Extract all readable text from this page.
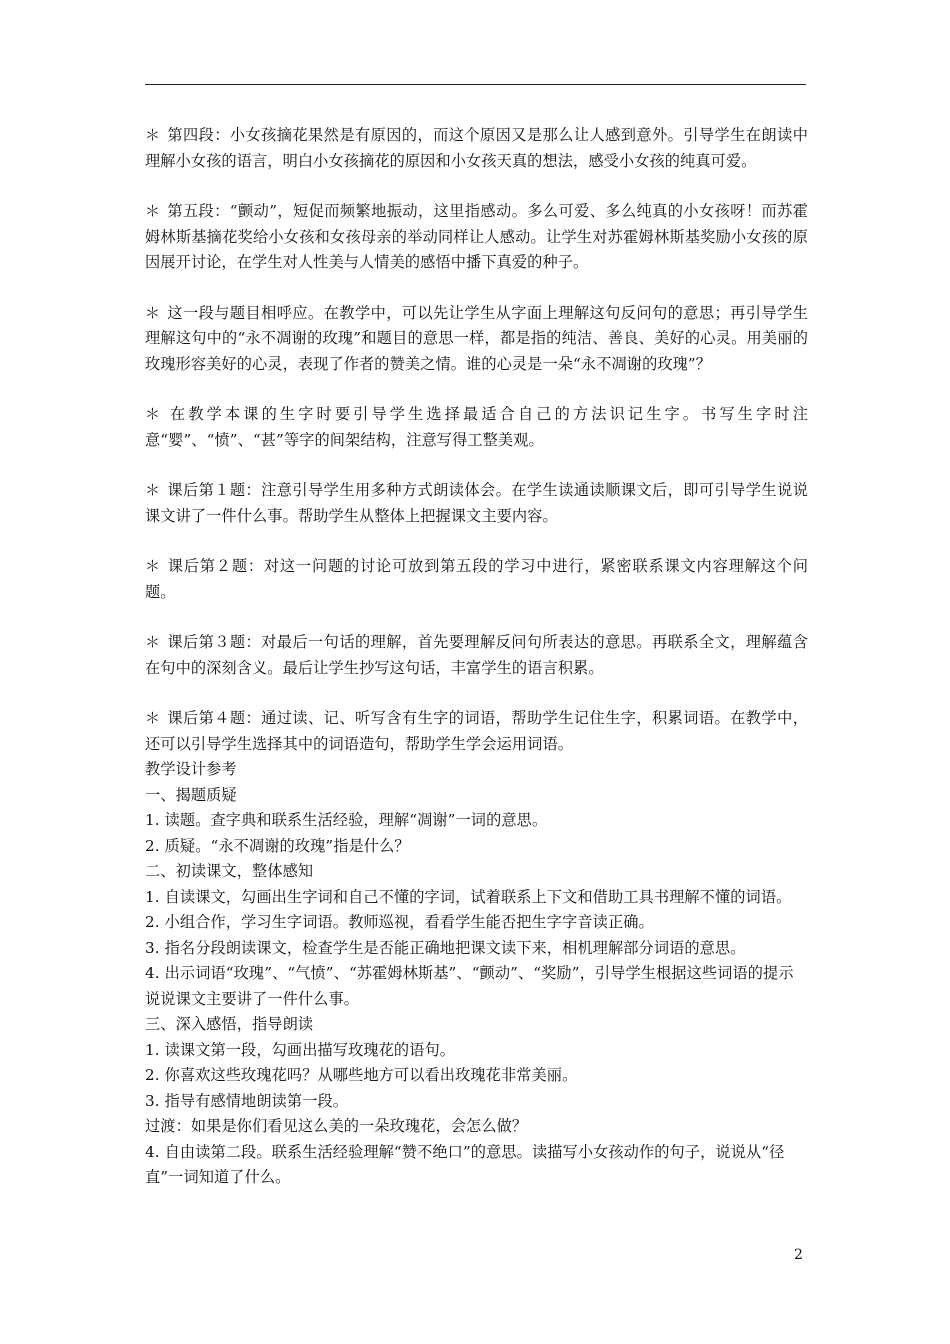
＊ 第四段：小女孩摘花果然是有原因的，而这个原因又是那么让人感到意外。引导学生在朗读中理解小女孩的语言，明白小女孩摘花的原因和小女孩天真的想法，感受小女孩的纯真可爱。

＊ 第五段：“颤动”，短促而频繁地振动，这里指感动。多么可爱、多么纯真的小女孩呀！而苏霍姆林斯基摘花奖给小女孩和女孩母亲的举动同样让人感动。让学生对苏霍姆林斯基奖励小女孩的原因展开讨论，在学生对人性美与人情美的感悟中播下真爱的种子。

＊ 这一段与题目相呼应。在教学中，可以先让学生从字面上理解这句反问句的意思；再引导学生理解这句中的“永不凋谢的玫瑰”和题目的意思一样，都是指的纯洁、善良、美好的心灵。用美丽的玫瑰形容美好的心灵，表现了作者的赞美之情。谁的心灵是一朵“永不凋谢的玫瑰”？

＊ 在教学本课的生字时要引导学生选择最适合自己的方法识记生字。书写生字时注意“婴”、“愤”、“甚”等字的间架结构，注意写得工整美观。

＊ 课后第１题：注意引导学生用多种方式朗读体会。在学生读通读顺课文后，即可引导学生说说课文讲了一件什么事。帮助学生从整体上把握课文主要内容。

＊ 课后第２题：对这一问题的讨论可放到第五段的学习中进行，紧密联系课文内容理解这个问题。

＊ 课后第３题：对最后一句话的理解，首先要理解反问句所表达的意思。再联系全文，理解蕴含在句中的深刻含义。最后让学生抄写这句话，丰富学生的语言积累。

＊ 课后第４题：通过读、记、听写含有生字的词语，帮助学生记住生字，积累词语。在教学中，还可以引导学生选择其中的词语造句，帮助学生学会运用词语。

教学设计参考

一、揭题质疑

1. 读题。查字典和联系生活经验，理解“凋谢”一词的意思。

2. 质疑。“永不凋谢的玫瑰”指是什么？

二、初读课文，整体感知

1. 自读课文，勾画出生字词和自己不懂的字词，试着联系上下文和借助工具书理解不懂的词语。

2. 小组合作，学习生字词语。教师巡视，看看学生能否把生字字音读正确。

3. 指名分段朗读课文，检查学生是否能正确地把课文读下来，相机理解部分词语的意思。

4. 出示词语“玫瑰”、“气愤”、“苏霍姆林斯基”、“颤动”、“奖励”，引导学生根据这些词语的提示说说课文主要讲了一件什么事。

三、深入感悟，指导朗读

1. 读课文第一段，勾画出描写玫瑰花的语句。

2. 你喜欢这些玫瑰花吗？从哪些地方可以看出玫瑰花非常美丽。

3. 指导有感情地朗读第一段。

过渡：如果是你们看见这么美的一朵玫瑰花，会怎么做？

4. 自由读第二段。联系生活经验理解“赞不绝口”的意思。读描写小女孩动作的句子，说说从“径直”一词知道了什么。

2
